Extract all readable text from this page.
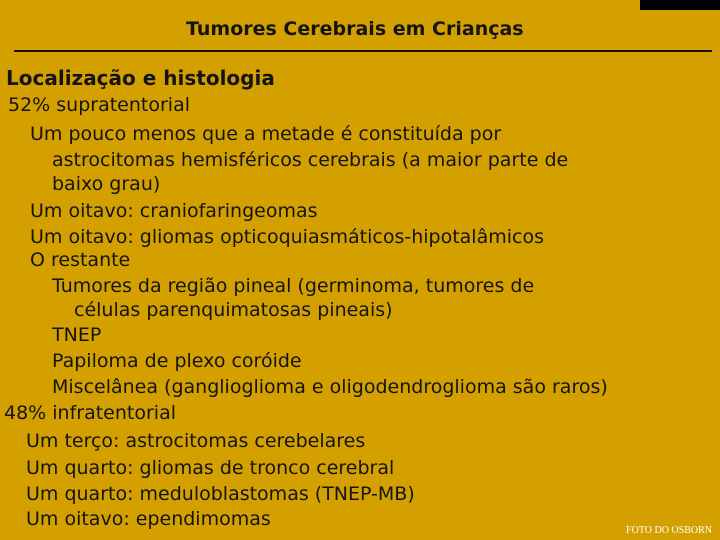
Tumores Cerebrais em Crianças
Localização e histologia
52% supratentorial
Um pouco menos que a metade é constituída por
astrocitomas hemisféricos cerebrais (a maior parte de
baixo grau)
Um oitavo: craniofaringeomas
Um oitavo: gliomas opticoquiasmáticos-hipotalâmicos
O restante
Tumores da região pineal (germinoma, tumores de
células parenquimatosas pineais)
TNEP
Papiloma de plexo coróide
Miscelânea (ganglioglioma e oligodendroglioma são raros)
48% infratentorial
Um terço: astrocitomas cerebelares
Um quarto: gliomas de tronco cerebral
Um quarto: meduloblastomas (TNEP-MB)
Um oitavo: ependimomas
FOTO DO OSBORN
